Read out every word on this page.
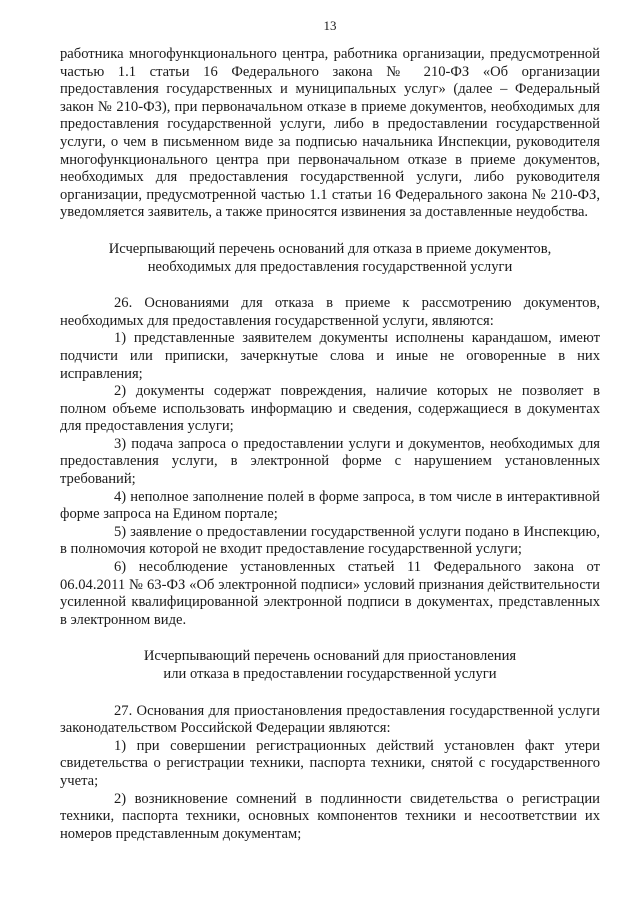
13

работника многофункционального центра, работника организации, предусмотренной частью 1.1 статьи 16 Федерального закона № 210-ФЗ «Об организации предоставления государственных и муниципальных услуг» (далее – Федеральный закон № 210-ФЗ), при первоначальном отказе в приеме документов, необходимых для предоставления государственной услуги, либо в предоставлении государственной услуги, о чем в письменном виде за подписью начальника Инспекции, руководителя многофункционального центра при первоначальном отказе в приеме документов, необходимых для предоставления государственной услуги, либо руководителя организации, предусмотренной частью 1.1 статьи 16 Федерального закона № 210-ФЗ, уведомляется заявитель, а также приносятся извинения за доставленные неудобства.

Исчерпывающий перечень оснований для отказа в приеме документов,
необходимых для предоставления государственной услуги

26. Основаниями для отказа в приеме к рассмотрению документов, необходимых для предоставления государственной услуги, являются:

1) представленные заявителем документы исполнены карандашом, имеют подчисти или приписки, зачеркнутые слова и иные не оговоренные в них исправления;

2) документы содержат повреждения, наличие которых не позволяет в полном объеме использовать информацию и сведения, содержащиеся в документах для предоставления услуги;

3) подача запроса о предоставлении услуги и документов, необходимых для предоставления услуги, в электронной форме с нарушением установленных требований;

4) неполное заполнение полей в форме запроса, в том числе в интерактивной форме запроса на Едином портале;

5) заявление о предоставлении государственной услуги подано в Инспекцию, в полномочия которой не входит предоставление государственной услуги;

6) несоблюдение установленных статьей 11 Федерального закона от 06.04.2011 № 63-ФЗ «Об электронной подписи» условий признания действительности усиленной квалифицированной электронной подписи в документах, представленных в электронном виде.

Исчерпывающий перечень оснований для приостановления
или отказа в предоставлении государственной услуги

27. Основания для приостановления предоставления государственной услуги законодательством Российской Федерации являются:

1) при совершении регистрационных действий установлен факт утери свидетельства о регистрации техники, паспорта техники, снятой с государственного учета;

2) возникновение сомнений в подлинности свидетельства о регистрации техники, паспорта техники, основных компонентов техники и несоответствии их номеров представленным документам;
